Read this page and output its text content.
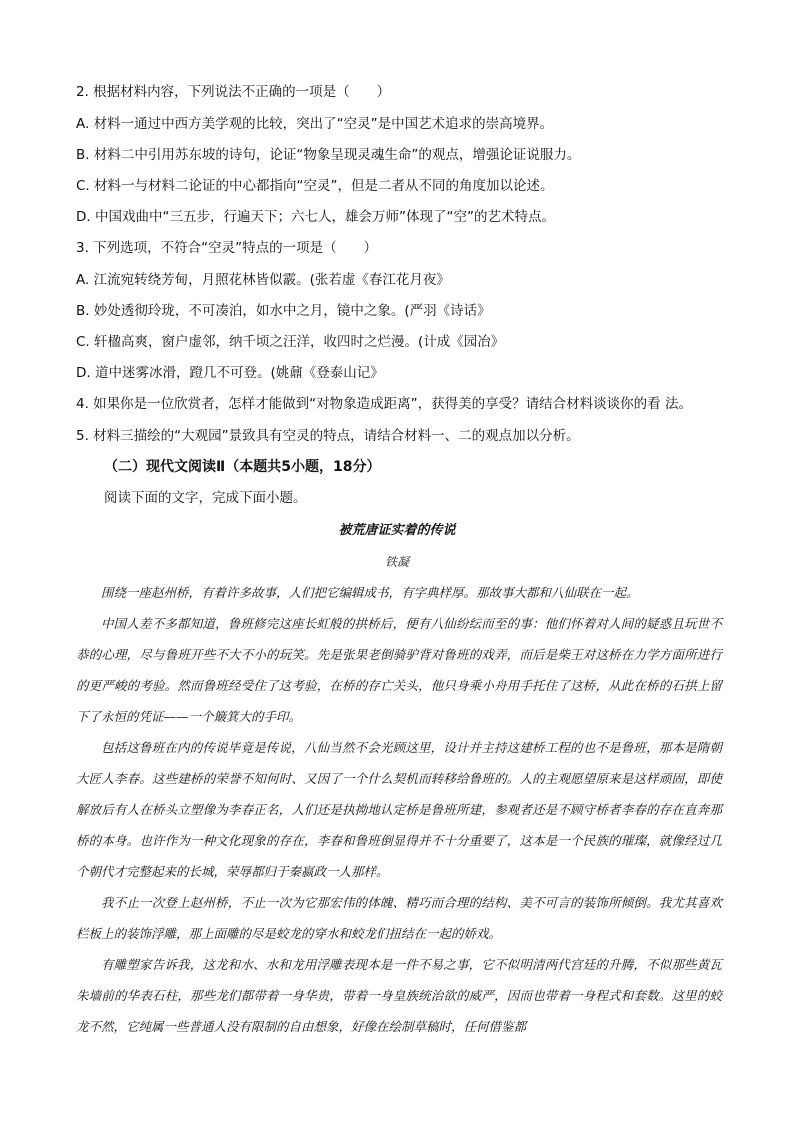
2. 根据材料内容，下列说法不正确的一项是（　　）
A. 材料一通过中西方美学观的比较，突出了“空灵”是中国艺术追求的崇高境界。
B. 材料二中引用苏东坡的诗句，论证“物象呈现灵魂生命”的观点，增强论证说服力。
C. 材料一与材料二论证的中心都指向“空灵”，但是二者从不同的角度加以论述。
D. 中国戏曲中“三五步，行遍天下；六七人，雄会万师”体现了“空”的艺术特点。
3. 下列选项，不符合“空灵”特点的一项是（　　）
A. 江流宛转绕芳甸，月照花林皆似霰。(张若虚《春江花月夜》
B. 妙处透彻玲珑，不可凑泊，如水中之月，镜中之象。(严羽《诗话》
C. 轩楹高爽，窗户虚邻，纳千顷之汪洋，收四时之烂漫。(计成《园冶》
D. 道中迷雾冰滑，蹬几不可登。(姚鼐《登泰山记》
4. 如果你是一位欣赏者，怎样才能做到“对物象造成距离”，获得美的享受？请结合材料谈谈你的看 法。
5. 材料三描绘的“大观园”景致具有空灵的特点，请结合材料一、二的观点加以分析。
（二）现代文阅读Ⅱ（本题共5小题，18分）
阅读下面的文字，完成下面小题。
被荒唐证实着的传说
铁凝
围绕一座赵州桥，有着许多故事，人们把它编辑成书，有字典样厚。那故事大都和八仙联在一起。
中国人差不多都知道，鲁班修完这座长虹般的拱桥后，便有八仙纷纭而至的事：他们怀着对人间的疑惑且玩世不恭的心理，尽与鲁班开些不大不小的玩笑。先是张果老倒骑驴背对鲁班的戏弄，而后是柴王对这桥在力学方面所进行的更严峻的考验。然而鲁班经受住了这考验，在桥的存亡关头，他只身乘小舟用手托住了这桥，从此在桥的石拱上留下了永恒的凭证——一个簸箕大的手印。
包括这鲁班在内的传说毕竟是传说，八仙当然不会光顾这里，设计并主持这建桥工程的也不是鲁班，那本是隋朝大匠人李春。这些建桥的荣誉不知何时、又因了一个什么契机而转移给鲁班的。人的主观愿望原来是这样顽固，即使解放后有人在桥头立塑像为李春正名，人们还是执拗地认定桥是鲁班所建，参观者还是不顾守桥者李春的存在直奔那桥的本身。也许作为一种文化现象的存在，李春和鲁班倒显得并不十分重要了，这本是一个民族的璀璨，就像经过几个朝代才完整起来的长城，荣辱都归于秦嬴政一人那样。
我不止一次登上赵州桥，不止一次为它那宏伟的体魄、精巧而合理的结构、美不可言的装饰所倾倒。我尤其喜欢栏板上的装饰浮雕，那上面雕的尽是蛟龙的穿水和蛟龙们扭结在一起的娇戏。
有雕塑家告诉我，这龙和水、水和龙用浮雕表现本是一件不易之事，它不似明清两代宫廷的升腾，不似那些黄瓦朱墙前的华表石柱，那些龙们都带着一身华贵，带着一身皇族统治欲的威严，因而也带着一身程式和套数。这里的蛟龙不然，它纯属一些普通人没有限制的自由想象，好像在绘制草稿时，任何借鉴都
